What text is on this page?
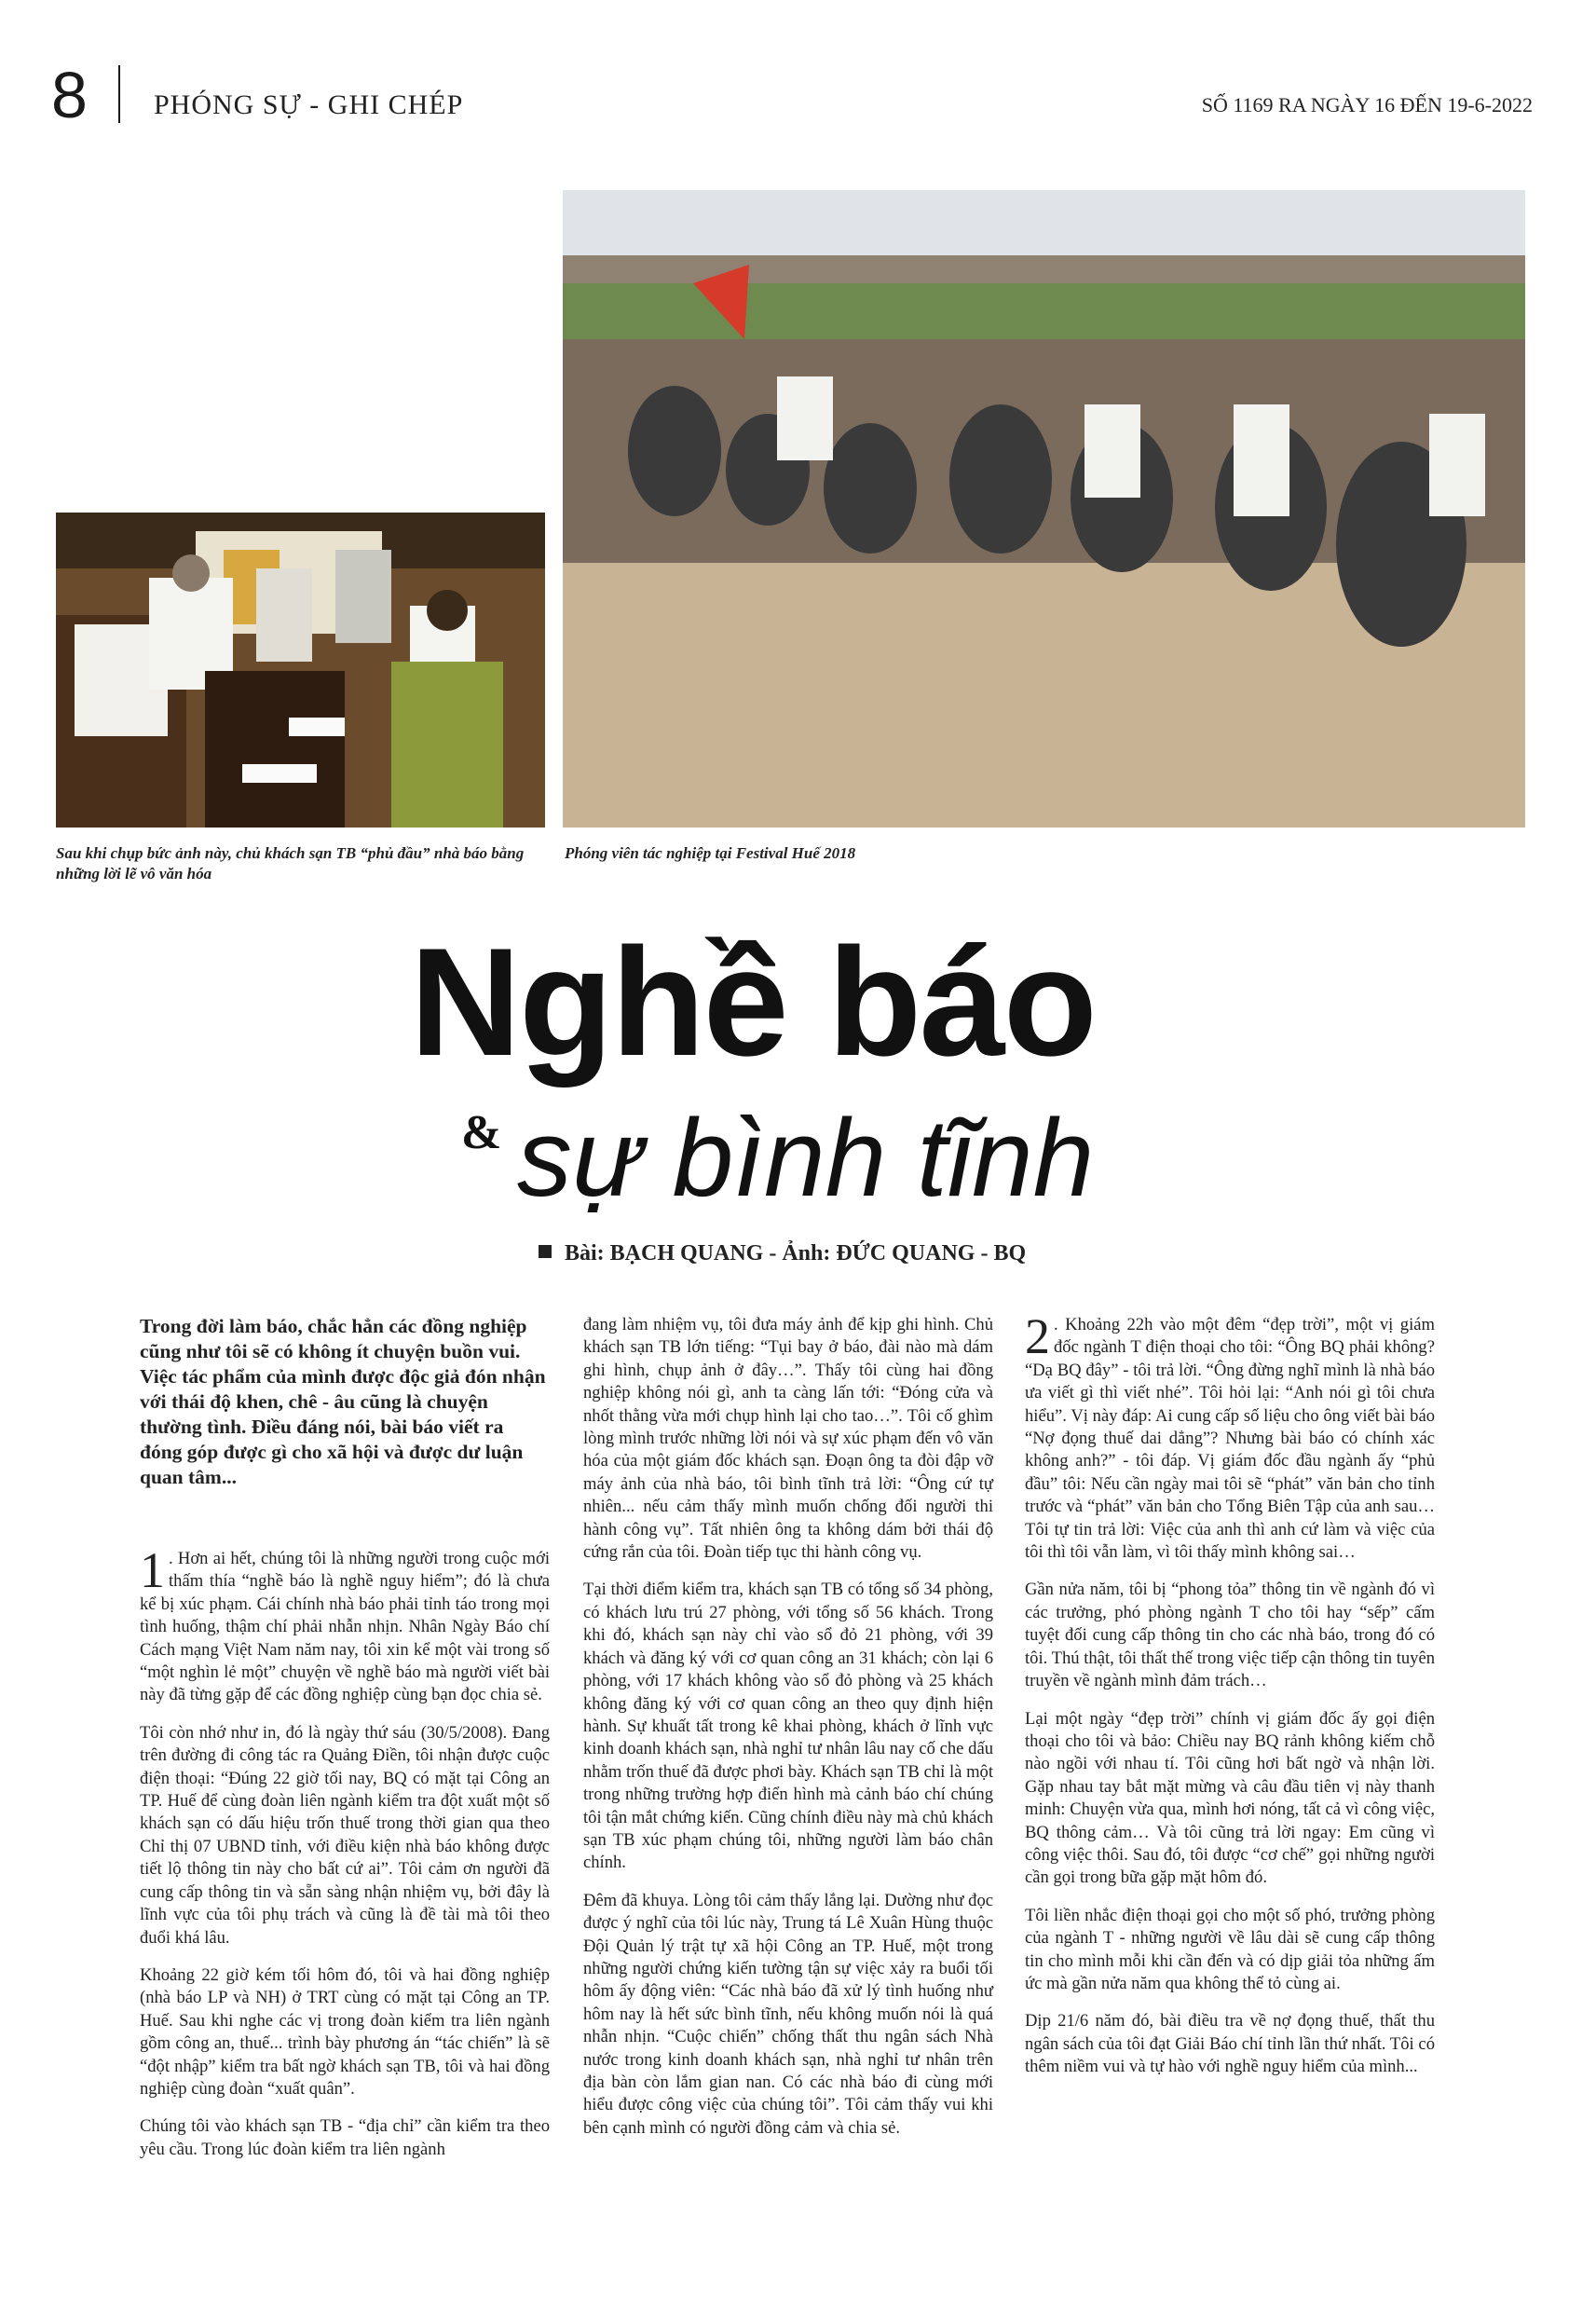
8 PHÓNG SỰ - GHI CHÉP	SỐ 1169 RA NGÀY 16 ĐẾN 19-6-2022
Sau khi chụp bức ảnh này, chủ khách sạn TB “phủ đầu” nhà báo bằng những lời lẽ vô văn hóa
Phóng viên tác nghiệp tại Festival Huế 2018
Nghề báo
& sự bình tĩnh
Bài: BẠCH QUANG - Ảnh: ĐỨC QUANG - BQ

Trong đời làm báo, chắc hẳn các đồng nghiệp cũng như tôi sẽ có không ít chuyện buồn vui. Việc tác phẩm của mình được độc giả đón nhận với thái độ khen, chê - âu cũng là chuyện thường tình. Điều đáng nói, bài báo viết ra đóng góp được gì cho xã hội và được dư luận quan tâm...

1 . Hơn ai hết, chúng tôi là những người trong cuộc mới thấm thía “nghề báo là nghề nguy hiểm”; đó là chưa kể bị xúc phạm. Cái chính nhà báo phải tỉnh táo trong mọi tình huống, thậm chí phải nhẫn nhịn. Nhân Ngày Báo chí Cách mạng Việt Nam năm nay, tôi xin kể một vài trong số “một nghìn lẻ một” chuyện về nghề báo mà người viết bài này đã từng gặp để các đồng nghiệp cùng bạn đọc chia sẻ.

Tôi còn nhớ như in, đó là ngày thứ sáu (30/5/2008). Đang trên đường đi công tác ra Quảng Điền, tôi nhận được cuộc điện thoại: “Đúng 22 giờ tối nay, BQ có mặt tại Công an TP. Huế để cùng đoàn liên ngành kiểm tra đột xuất một số khách sạn có dấu hiệu trốn thuế trong thời gian qua theo Chỉ thị 07 UBND tỉnh, với điều kiện nhà báo không được tiết lộ thông tin này cho bất cứ ai”. Tôi cảm ơn người đã cung cấp thông tin và sẵn sàng nhận nhiệm vụ, bởi đây là lĩnh vực của tôi phụ trách và cũng là đề tài mà tôi theo đuổi khá lâu.

Khoảng 22 giờ kém tối hôm đó, tôi và hai đồng nghiệp (nhà báo LP và NH) ở TRT cùng có mặt tại Công an TP. Huế. Sau khi nghe các vị trong đoàn kiểm tra liên ngành gồm công an, thuế... trình bày phương án “tác chiến” là sẽ “đột nhập” kiểm tra bất ngờ khách sạn TB, tôi và hai đồng nghiệp cùng đoàn “xuất quân”.

Chúng tôi vào khách sạn TB - “địa chỉ” cần kiểm tra theo yêu cầu. Trong lúc đoàn kiểm tra liên ngành

đang làm nhiệm vụ, tôi đưa máy ảnh để kịp ghi hình. Chủ khách sạn TB lớn tiếng: “Tụi bay ở báo, đài nào mà dám ghi hình, chụp ảnh ở đây…”. Thấy tôi cùng hai đồng nghiệp không nói gì, anh ta càng lấn tới: “Đóng cửa và nhốt thằng vừa mới chụp hình lại cho tao…”. Tôi cố ghìm lòng mình trước những lời nói và sự xúc phạm đến vô văn hóa của một giám đốc khách sạn. Đoạn ông ta đòi đập vỡ máy ảnh của nhà báo, tôi bình tĩnh trả lời: “Ông cứ tự nhiên... nếu cảm thấy mình muốn chống đối người thi hành công vụ”. Tất nhiên ông ta không dám bởi thái độ cứng rắn của tôi. Đoàn tiếp tục thi hành công vụ.

Tại thời điểm kiểm tra, khách sạn TB có tổng số 34 phòng, có khách lưu trú 27 phòng, với tổng số 56 khách. Trong khi đó, khách sạn này chỉ vào sổ đỏ 21 phòng, với 39 khách và đăng ký với cơ quan công an 31 khách; còn lại 6 phòng, với 17 khách không vào sổ đỏ phòng và 25 khách không đăng ký với cơ quan công an theo quy định hiện hành. Sự khuất tất trong kê khai phòng, khách ở lĩnh vực kinh doanh khách sạn, nhà nghỉ tư nhân lâu nay cố che dấu nhằm trốn thuế đã được phơi bày. Khách sạn TB chỉ là một trong những trường hợp điển hình mà cảnh báo chí chúng tôi tận mắt chứng kiến. Cũng chính điều này mà chủ khách sạn TB xúc phạm chúng tôi, những người làm báo chân chính.

Đêm đã khuya. Lòng tôi cảm thấy lắng lại. Dường như đọc được ý nghĩ của tôi lúc này, Trung tá Lê Xuân Hùng thuộc Đội Quản lý trật tự xã hội Công an TP. Huế, một trong những người chứng kiến tường tận sự việc xảy ra buổi tối hôm ấy động viên: “Các nhà báo đã xử lý tình huống như hôm nay là hết sức bình tĩnh, nếu không muốn nói là quá nhẫn nhịn. “Cuộc chiến” chống thất thu ngân sách Nhà nước trong kinh doanh khách sạn, nhà nghỉ tư nhân trên địa bàn còn lắm gian nan. Có các nhà báo đi cùng mới hiểu được công việc của chúng tôi”. Tôi cảm thấy vui khi bên cạnh mình có người đồng cảm và chia sẻ.

2 . Khoảng 22h vào một đêm “đẹp trời”, một vị giám đốc ngành T điện thoại cho tôi: “Ông BQ phải không? “Dạ BQ đây” - tôi trả lời. “Ông đừng nghĩ mình là nhà báo ưa viết gì thì viết nhé”. Tôi hỏi lại: “Anh nói gì tôi chưa hiểu”. Vị này đáp: Ai cung cấp số liệu cho ông viết bài báo “Nợ đọng thuế dai dẳng”? Nhưng bài báo có chính xác không anh?” - tôi đáp. Vị giám đốc đầu ngành ấy “phủ đầu” tôi: Nếu cần ngày mai tôi sẽ “phát” văn bản cho tỉnh trước và “phát” văn bản cho Tổng Biên Tập của anh sau… Tôi tự tin trả lời: Việc của anh thì anh cứ làm và việc của tôi thì tôi vẫn làm, vì tôi thấy mình không sai…

Gần nửa năm, tôi bị “phong tỏa” thông tin về ngành đó vì các trưởng, phó phòng ngành T cho tôi hay “sếp” cấm tuyệt đối cung cấp thông tin cho các nhà báo, trong đó có tôi. Thú thật, tôi thất thế trong việc tiếp cận thông tin tuyên truyền về ngành mình đảm trách…

Lại một ngày “đẹp trời” chính vị giám đốc ấy gọi điện thoại cho tôi và bảo: Chiều nay BQ rảnh không kiếm chỗ nào ngồi với nhau tí. Tôi cũng hơi bất ngờ và nhận lời. Gặp nhau tay bắt mặt mừng và câu đầu tiên vị này thanh minh: Chuyện vừa qua, mình hơi nóng, tất cả vì công việc, BQ thông cảm… Và tôi cũng trả lời ngay: Em cũng vì công việc thôi. Sau đó, tôi được “cơ chế” gọi những người cần gọi trong bữa gặp mặt hôm đó.

Tôi liền nhắc điện thoại gọi cho một số phó, trưởng phòng của ngành T - những người về lâu dài sẽ cung cấp thông tin cho mình mỗi khi cần đến và có dịp giải tỏa những ấm ức mà gần nửa năm qua không thể tỏ cùng ai.

Dịp 21/6 năm đó, bài điều tra về nợ đọng thuế, thất thu ngân sách của tôi đạt Giải Báo chí tỉnh lần thứ nhất. Tôi có thêm niềm vui và tự hào với nghề nguy hiểm của mình...
